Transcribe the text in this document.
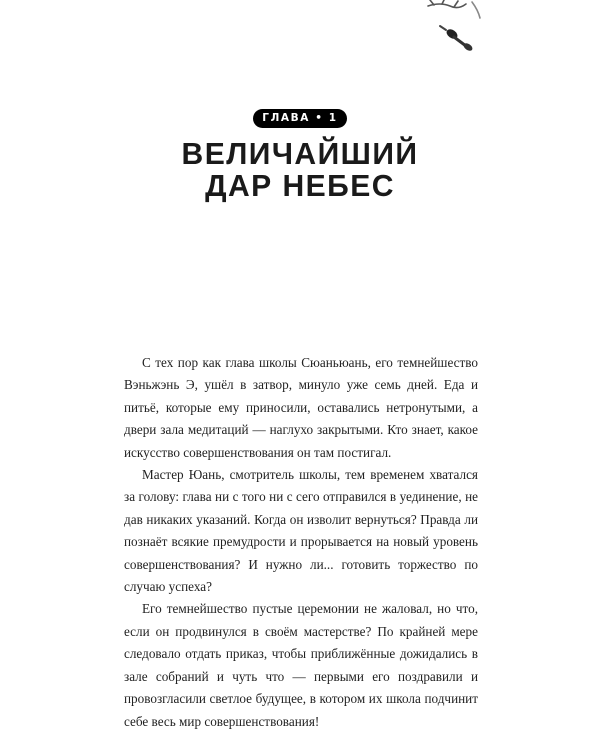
ГЛАВА • 1
ВЕЛИЧАЙШИЙ
ДАР НЕБЕС

С тех пор как глава школы Сюаньюань, его темнейшество Вэньжэнь Э, ушёл в затвор, минуло уже семь дней. Еда и питьё, которые ему приносили, оставались нетронутыми, а двери зала медитаций — наглухо закрытыми. Кто знает, какое искусство совершенствования он там постигал.

Мастер Юань, смотритель школы, тем временем хватался за голову: глава ни с того ни с сего отправился в уединение, не дав никаких указаний. Когда он изволит вернуться? Правда ли познаёт всякие премудрости и прорывается на новый уровень совершенствования? И нужно ли... готовить торжество по случаю успеха?

Его темнейшество пустые церемонии не жаловал, но что, если он продвинулся в своём мастерстве? По крайней мере следовало отдать приказ, чтобы приближённые дожидались в зале собраний и чуть что — первыми его поздравили и провозгласили светлое будущее, в котором их школа подчинит себе весь мир совершенствования!
